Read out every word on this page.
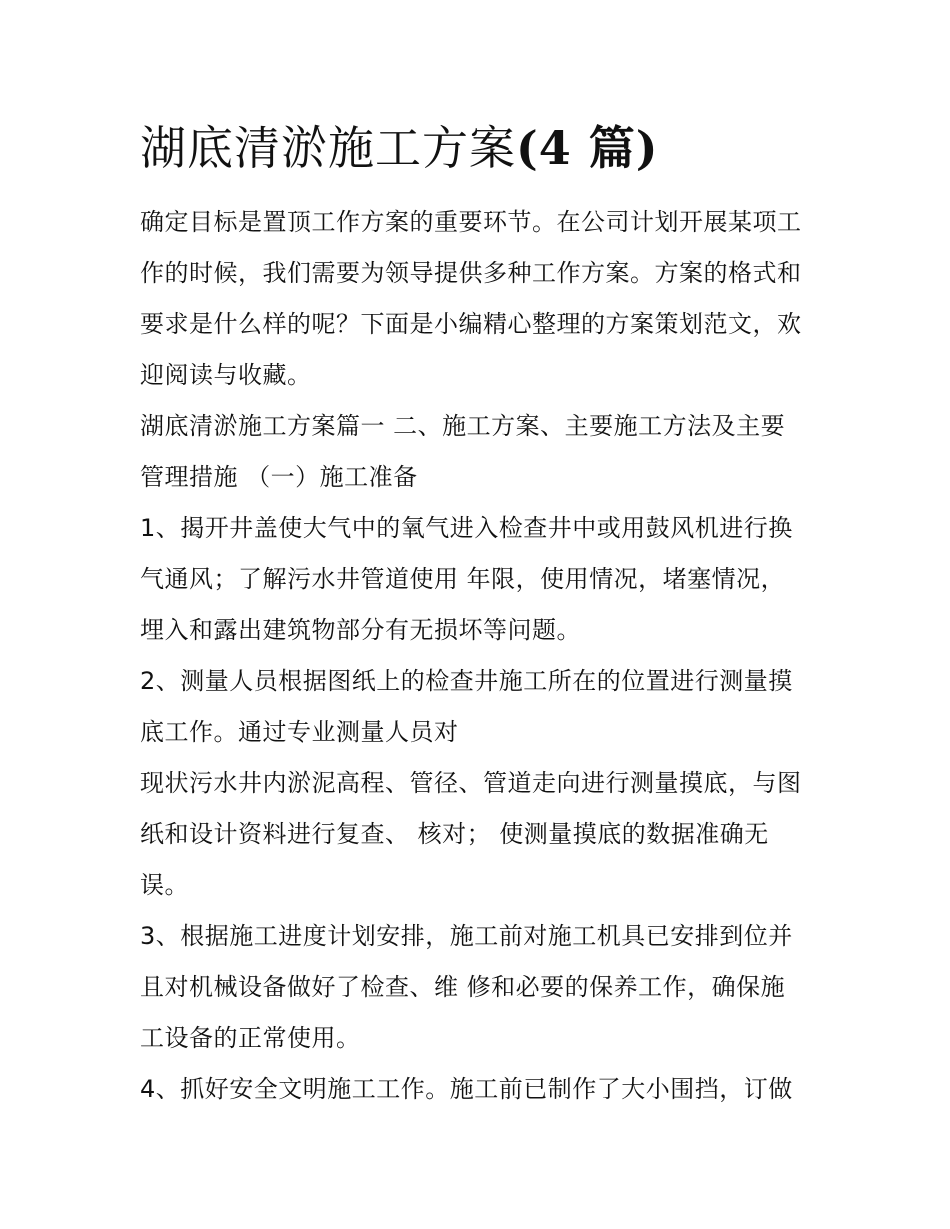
湖底清淤施工方案(4 篇)

确定目标是置顶工作方案的重要环节。在公司计划开展某项工

作的时候，我们需要为领导提供多种工作方案。方案的格式和

要求是什么样的呢？下面是小编精心整理的方案策划范文，欢

迎阅读与收藏。

湖底清淤施工方案篇一 二、施工方案、主要施工方法及主要

管理措施 （一）施工准备

1、揭开井盖使大气中的氧气进入检查井中或用鼓风机进行换

气通风；了解污水井管道使用 年限，使用情况，堵塞情况，

埋入和露出建筑物部分有无损坏等问题。

2、测量人员根据图纸上的检查井施工所在的位置进行测量摸

底工作。通过专业测量人员对

现状污水井内淤泥高程、管径、管道走向进行测量摸底，与图

纸和设计资料进行复查、 核对； 使测量摸底的数据准确无

误。

3、根据施工进度计划安排，施工前对施工机具已安排到位并

且对机械设备做好了检查、维 修和必要的保养工作，确保施

工设备的正常使用。

4、抓好安全文明施工工作。施工前已制作了大小围挡，订做
